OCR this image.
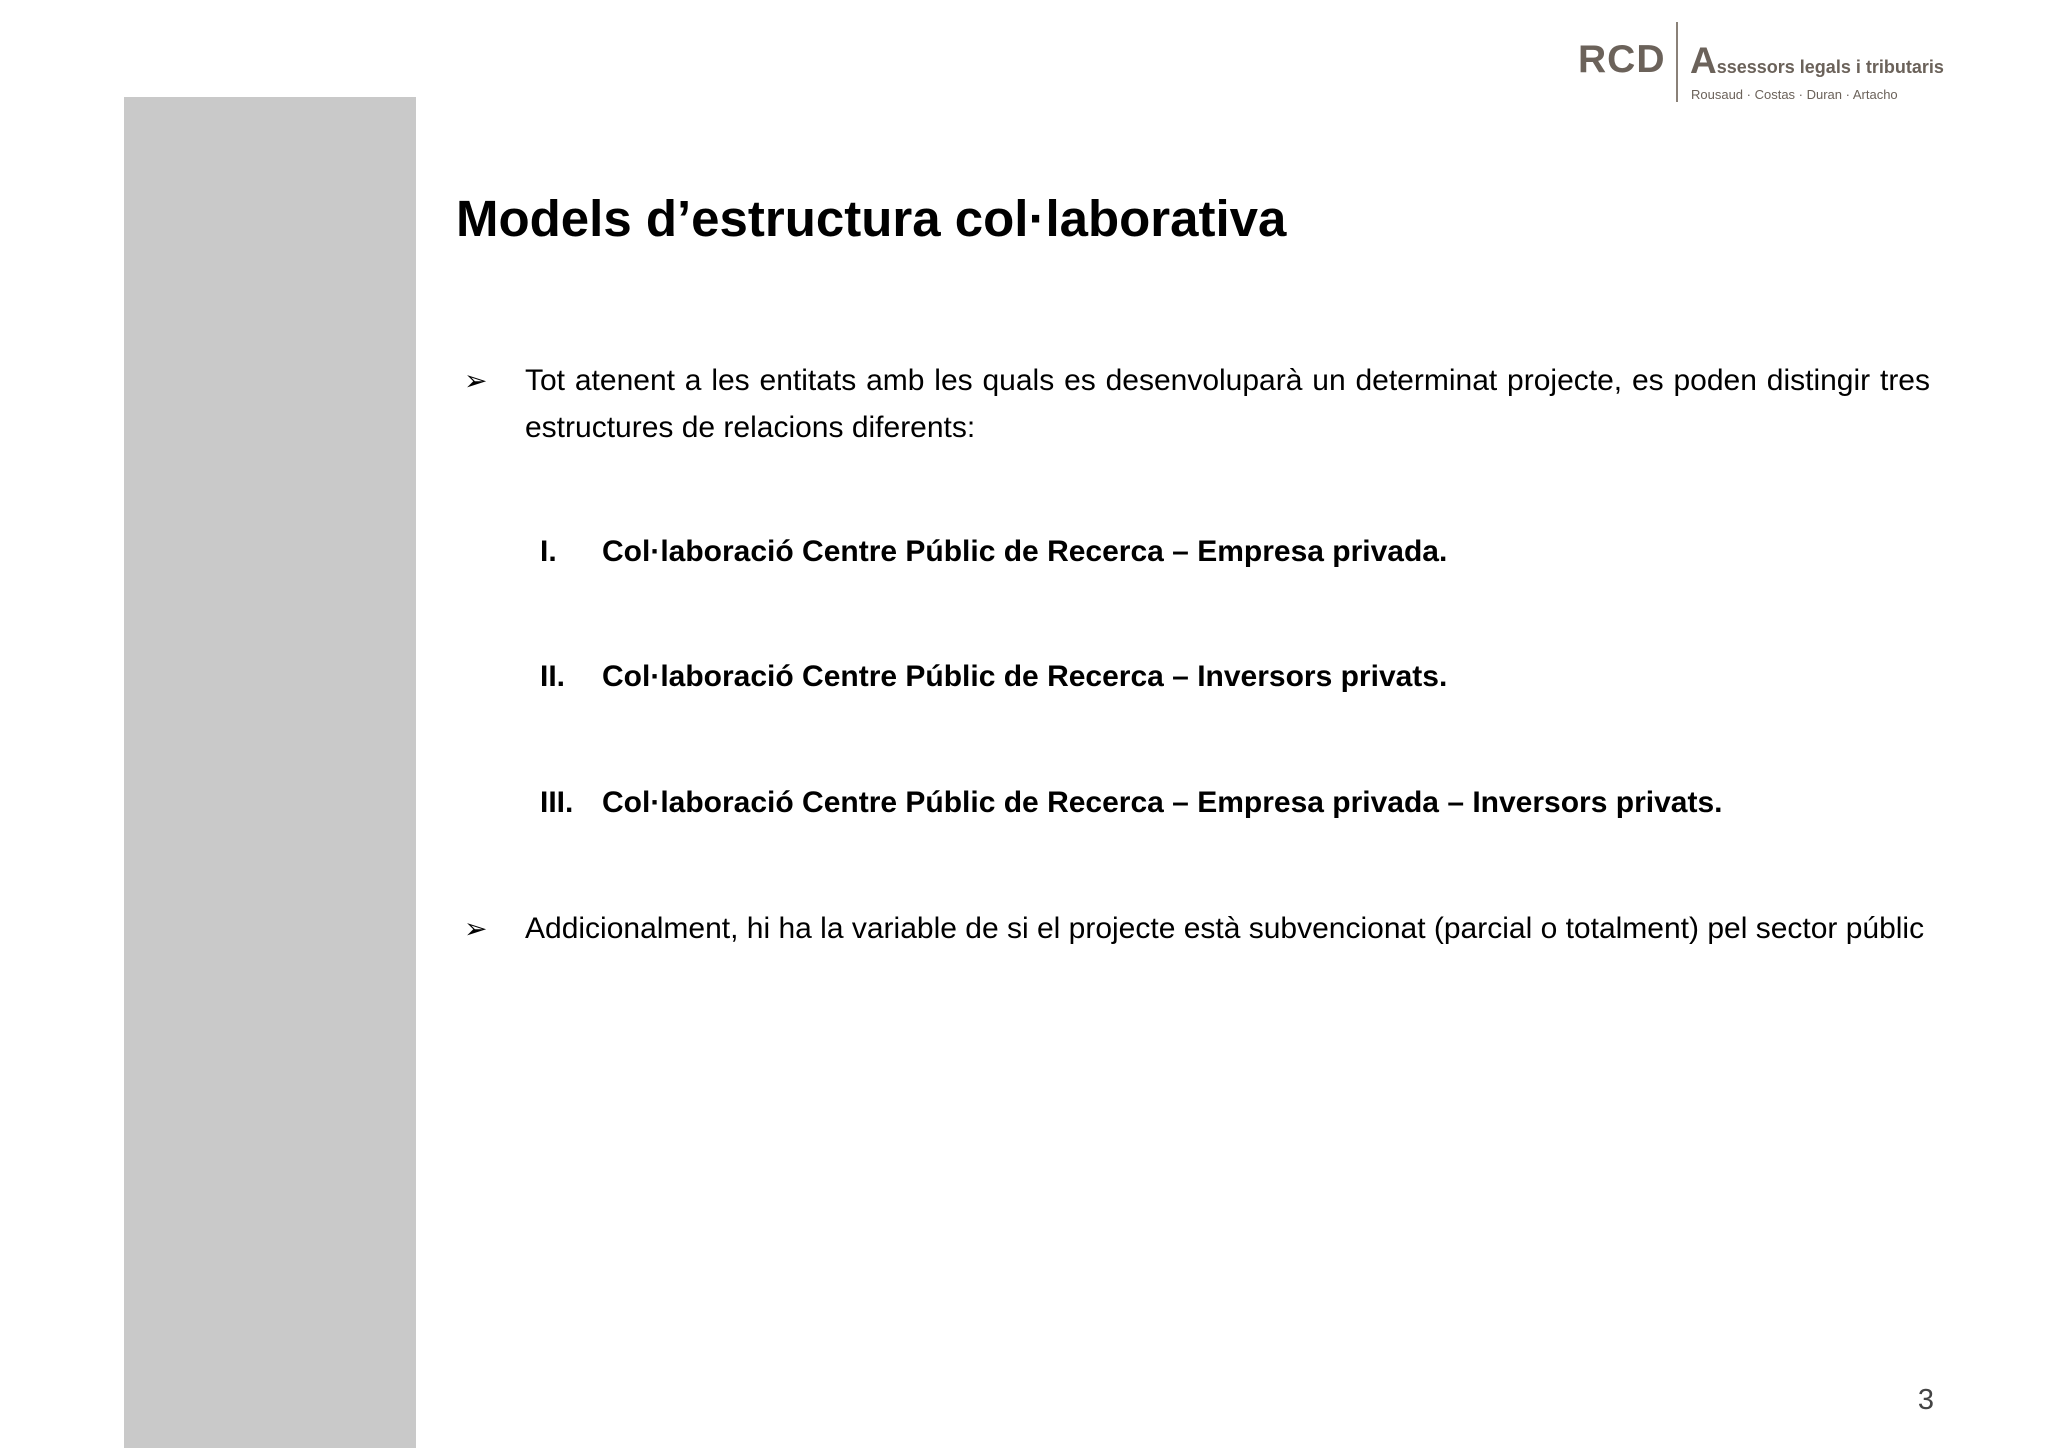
RCD Assessors legals i tributaris
Rousaud · Costas · Duran · Artacho
Models d’estructura col·laborativa
➢ Tot atenent a les entitats amb les quals es desenvoluparà un determinat projecte, es poden distingir tres estructures de relacions diferents:
I. Col·laboració Centre Públic de Recerca – Empresa privada.
II. Col·laboració Centre Públic de Recerca – Inversors privats.
III. Col·laboració Centre Públic de Recerca – Empresa privada – Inversors privats.
➢ Addicionalment, hi ha la variable de si el projecte està subvencionat (parcial o totalment) pel sector públic
3
